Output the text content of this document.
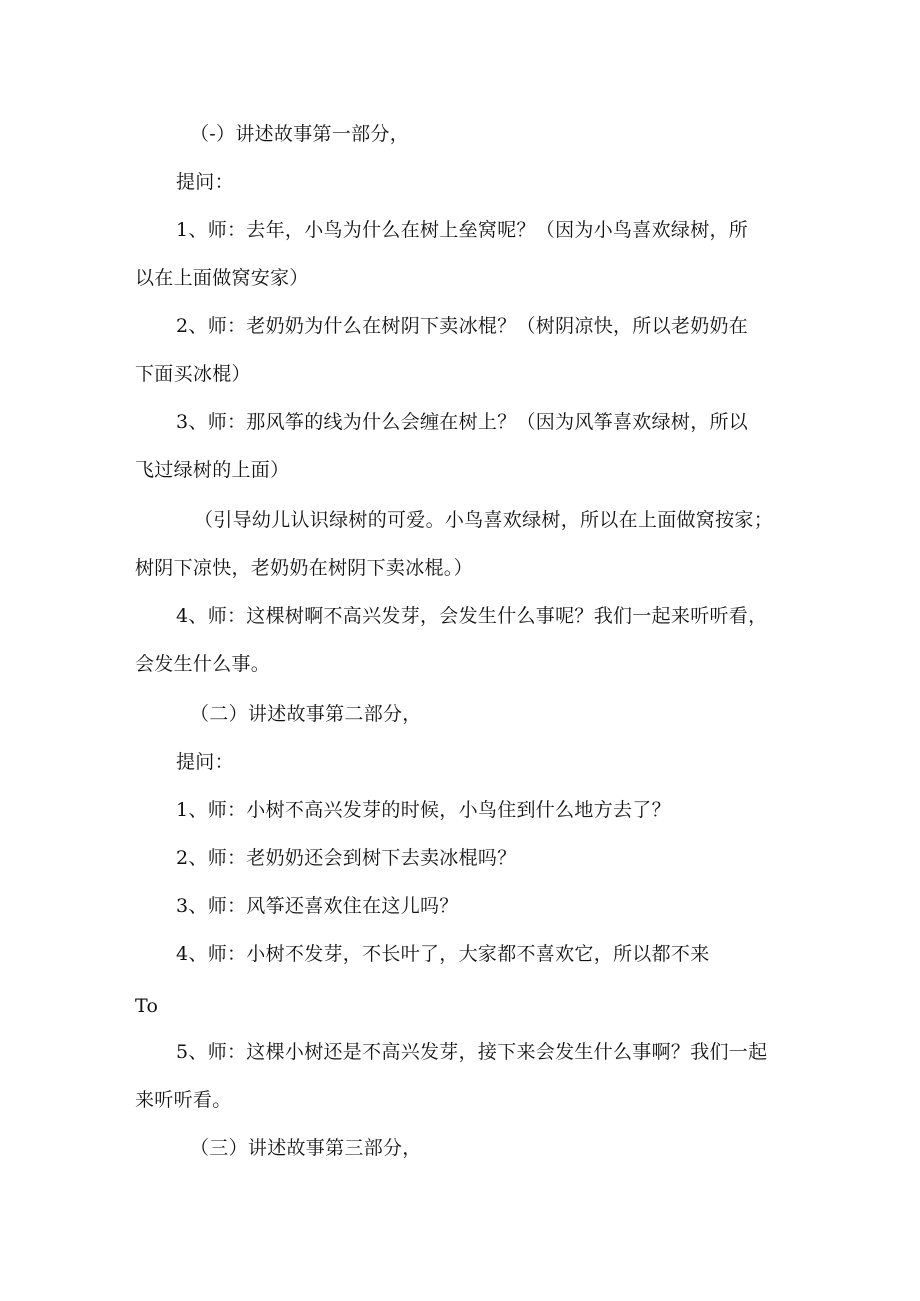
（-）讲述故事第一部分，
提问：
1、师：去年，小鸟为什么在树上垒窝呢？（因为小鸟喜欢绿树，所
以在上面做窝安家）
2、师：老奶奶为什么在树阴下卖冰棍？（树阴凉快，所以老奶奶在
下面买冰棍）
3、师：那风筝的线为什么会缠在树上？（因为风筝喜欢绿树，所以
飞过绿树的上面）
（引导幼儿认识绿树的可爱。小鸟喜欢绿树，所以在上面做窝按家；
树阴下凉快，老奶奶在树阴下卖冰棍。）
4、师：这棵树啊不高兴发芽，会发生什么事呢？我们一起来听听看，
会发生什么事。
（二）讲述故事第二部分，
提问：
1、师：小树不高兴发芽的时候，小鸟住到什么地方去了？
2、师：老奶奶还会到树下去卖冰棍吗？
3、师：风筝还喜欢住在这儿吗？
4、师：小树不发芽，不长叶了，大家都不喜欢它，所以都不来
To
5、师：这棵小树还是不高兴发芽，接下来会发生什么事啊？我们一起
来听听看。
（三）讲述故事第三部分，
